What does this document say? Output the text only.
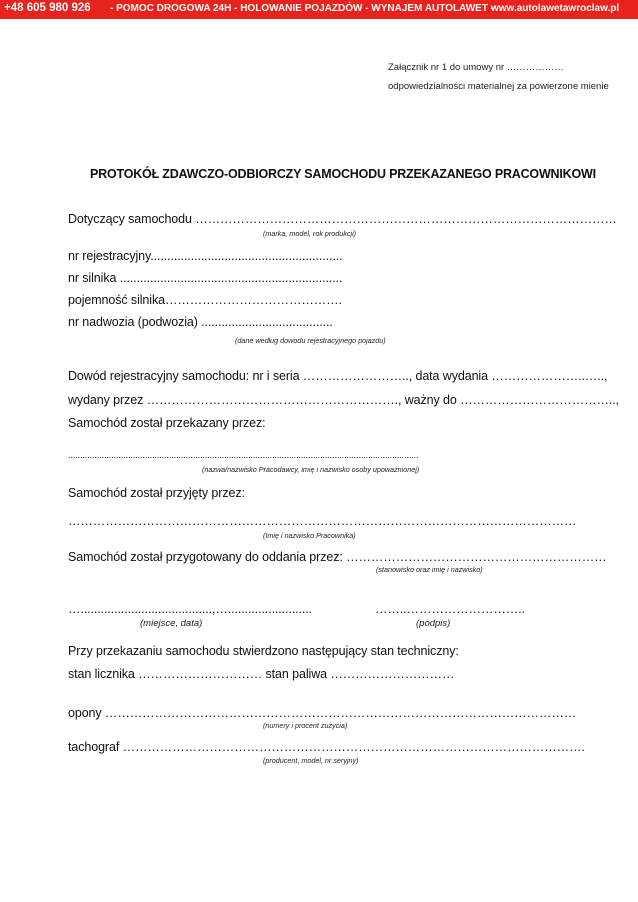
+48 605 980 926 - POMOC DROGOWA 24H - HOLOWANIE POJAZDÓW - WYNAJEM AUTOLAWET -
www.autolawetawroclaw.pl
Załącznik nr 1 do umowy nr ………………
odpowiedzialności materialnej za powierzone mienie
PROTOKÓŁ ZDAWCZO-ODBIORCZY SAMOCHODU PRZEKAZANEGO PRACOWNIKOWI
Dotyczący samochodu …………………………………………………………………………………………
(marka, model, rok produkcji)
nr rejestracyjny.........................................................
nr silnika ..................................................................
pojemność silnika…………………………………….
nr nadwozia (podwozia) .......................................
(dane według dowodu rejestracyjnego pojazdu)
Dowód rejestracyjny samochodu: nr i seria …………………….., data wydania …………………..…..,
wydany przez ……………………………………………………., ważny do ………………………………..,
Samochód został przekazany przez:
..................................................................................................................................................
(nazwa/nazwisko Pracodawcy, imię i nazwisko osoby upoważnionej)
Samochód został przyjęty przez:
……………………………………………………………………………………………………………
(Imię i nazwisko Pracownika)
Samochód został przygotowany do oddania przez: ………………………………………………………
(stanowisko oraz imię i nazwisko)
….......................................,….........................
(miejsce, data)
……..………………………..
(podpis)
Przy przekazaniu samochodu stwierdzono następujący stan techniczny:
stan licznika ………………………… stan paliwa …………………………
opony ……………………………………………………………………………………………………
(numery i procent zużycia)
tachograf ………………………………………………………………………………………………….
(producent, model, nr seryjny)
